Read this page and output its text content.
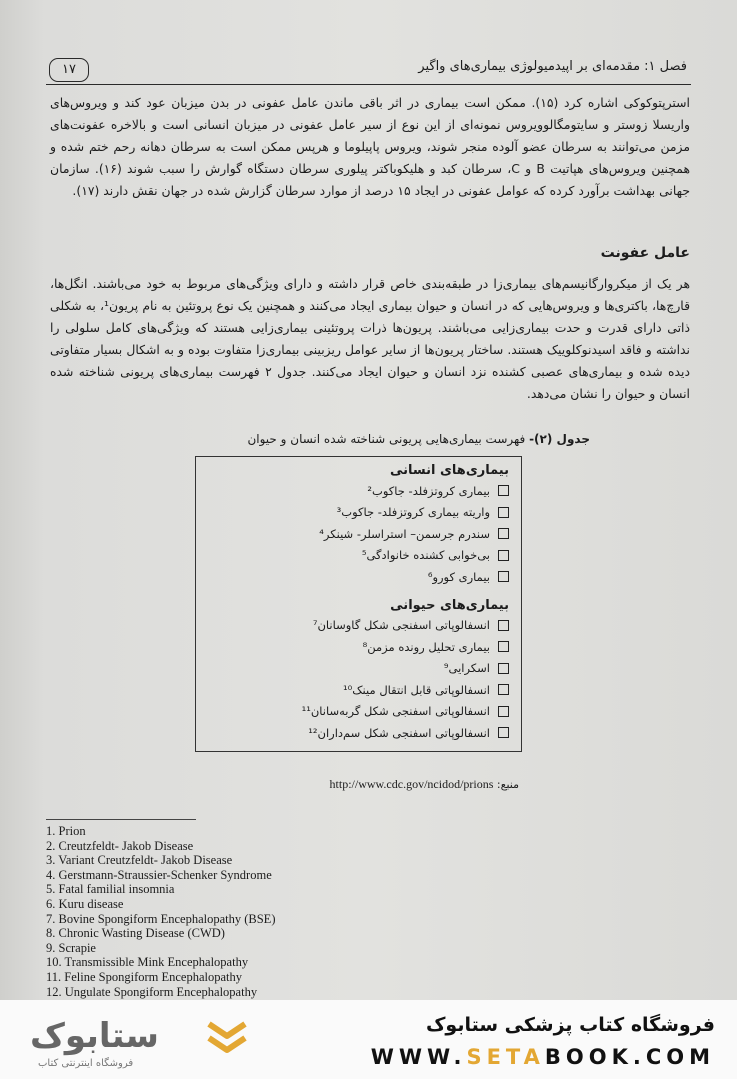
۱۷	فصل ۱: مقدمه‌ای بر اپیدمیولوژی بیماری‌های واگیر
استرپتوکوکی اشاره کرد (۱۵). ممکن است بیماری در اثر باقی ماندن عامل عفونی در بدن میزبان عود کند و ویروس‌های واریسلا زوستر و سایتومگالوویروس نمونه‌ای از این نوع از سیر عامل عفونی در میزبان انسانی است و بالاخره عفونت‌های مزمن می‌توانند به سرطان عضو آلوده منجر شوند، ویروس پاپیلوما و هرپس ممکن است به سرطان دهانه رحم ختم شده و همچنین ویروس‌های هپاتیت B و C، سرطان کبد و هلیکوباکتر پیلوری سرطان دستگاه گوارش را سبب شوند (۱۶). سازمان جهانی بهداشت برآورد کرده که عوامل عفونی در ایجاد ۱۵ درصد از موارد سرطان گزارش شده در جهان نقش دارند (۱۷).
عامل عفونت
هر یک از میکروارگانیسم‌های بیماری‌زا در طبقه‌بندی خاص قرار داشته و دارای ویژگی‌های مربوط به خود می‌باشند. انگل‌ها، قارچ‌ها، باکتری‌ها و ویروس‌هایی که در انسان و حیوان بیماری ایجاد می‌کنند و همچنین یک نوع پروتئین به نام پریون¹، به شکلی ذاتی دارای قدرت و حدت بیماری‌زایی می‌باشند. پریون‌ها ذرات پروتئینی بیماری‌زایی هستند که ویژگی‌های کامل سلولی را نداشته و فاقد اسیدنوکلوییک هستند. ساختار پریون‌ها از سایر عوامل ریزبینی بیماری‌زا متفاوت بوده و به اشکال بسیار متفاوتی دیده شده و بیماری‌های عصبی کشنده نزد انسان و حیوان ایجاد می‌کنند. جدول ۲ فهرست بیماری‌های پریونی شناخته شده انسان و حیوان را نشان می‌دهد.
جدول (۲)- فهرست بیماری‌هایی پریونی شناخته شده انسان و حیوان
بیماری‌های انسانی
بیماری کروتزفلد- جاکوب²
واریته بیماری کروتزفلد- جاکوب³
سندرم جرسمن– استراسلر- شینکر⁴
بی‌خوابی کشنده خانوادگی⁵
بیماری کورو⁶
بیماری‌های حیوانی
انسفالوپاتی اسفنجی شکل گاوسانان⁷
بیماری تحلیل رونده مزمن⁸
اسکرایی⁹
انسفالوپاتی قابل انتقال مینک¹⁰
انسفالوپاتی اسفنجی شکل گربه‌سانان¹¹
انسفالوپاتی اسفنجی شکل سم‌داران¹²
منبع: http://www.cdc.gov/ncidod/prions
1. Prion
2. Creutzfeldt- Jakob Disease
3. Variant Creutzfeldt- Jakob Disease
4. Gerstmann-Straussier-Schenker Syndrome
5. Fatal familial insomnia
6. Kuru disease
7. Bovine Spongiform Encephalopathy (BSE)
8. Chronic Wasting Disease (CWD)
9. Scrapie
10. Transmissible Mink Encephalopathy
11. Feline Spongiform Encephalopathy
12. Ungulate Spongiform Encephalopathy
ستابوک
فروشگاه اینترنتی کتاب
فروشگاه کتاب پزشکی ستابوک
WWW.SETABOOK.COM
